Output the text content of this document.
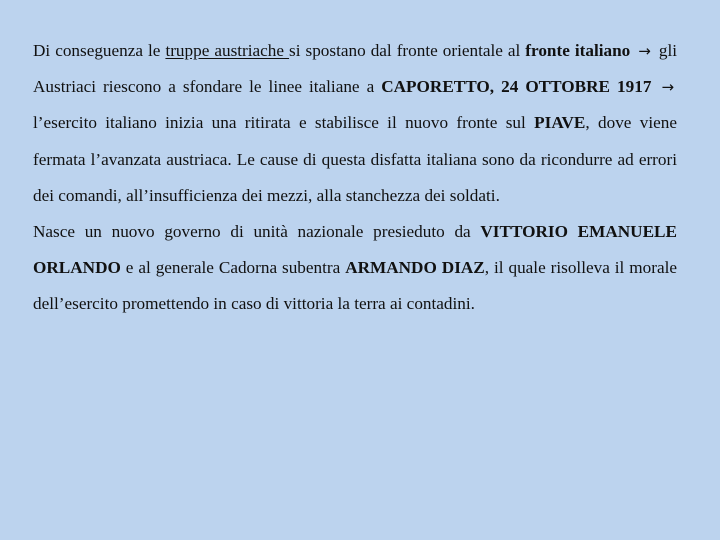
Di conseguenza le truppe austriache si spostano dal fronte orientale al fronte italiano → gli Austriaci riescono a sfondare le linee italiane a CAPORETTO, 24 OTTOBRE 1917 → l’esercito italiano inizia una ritirata e stabilisce il nuovo fronte sul PIAVE, dove viene fermata l’avanzata austriaca. Le cause di questa disfatta italiana sono da ricondurre ad errori dei comandi, all’insufficienza dei mezzi, alla stanchezza dei soldati.

Nasce un nuovo governo di unità nazionale presieduto da VITTORIO EMANUELE ORLANDO e al generale Cadorna subentra ARMANDO DIAZ, il quale risolleva il morale dell’esercito promettendo in caso di vittoria la terra ai contadini.
